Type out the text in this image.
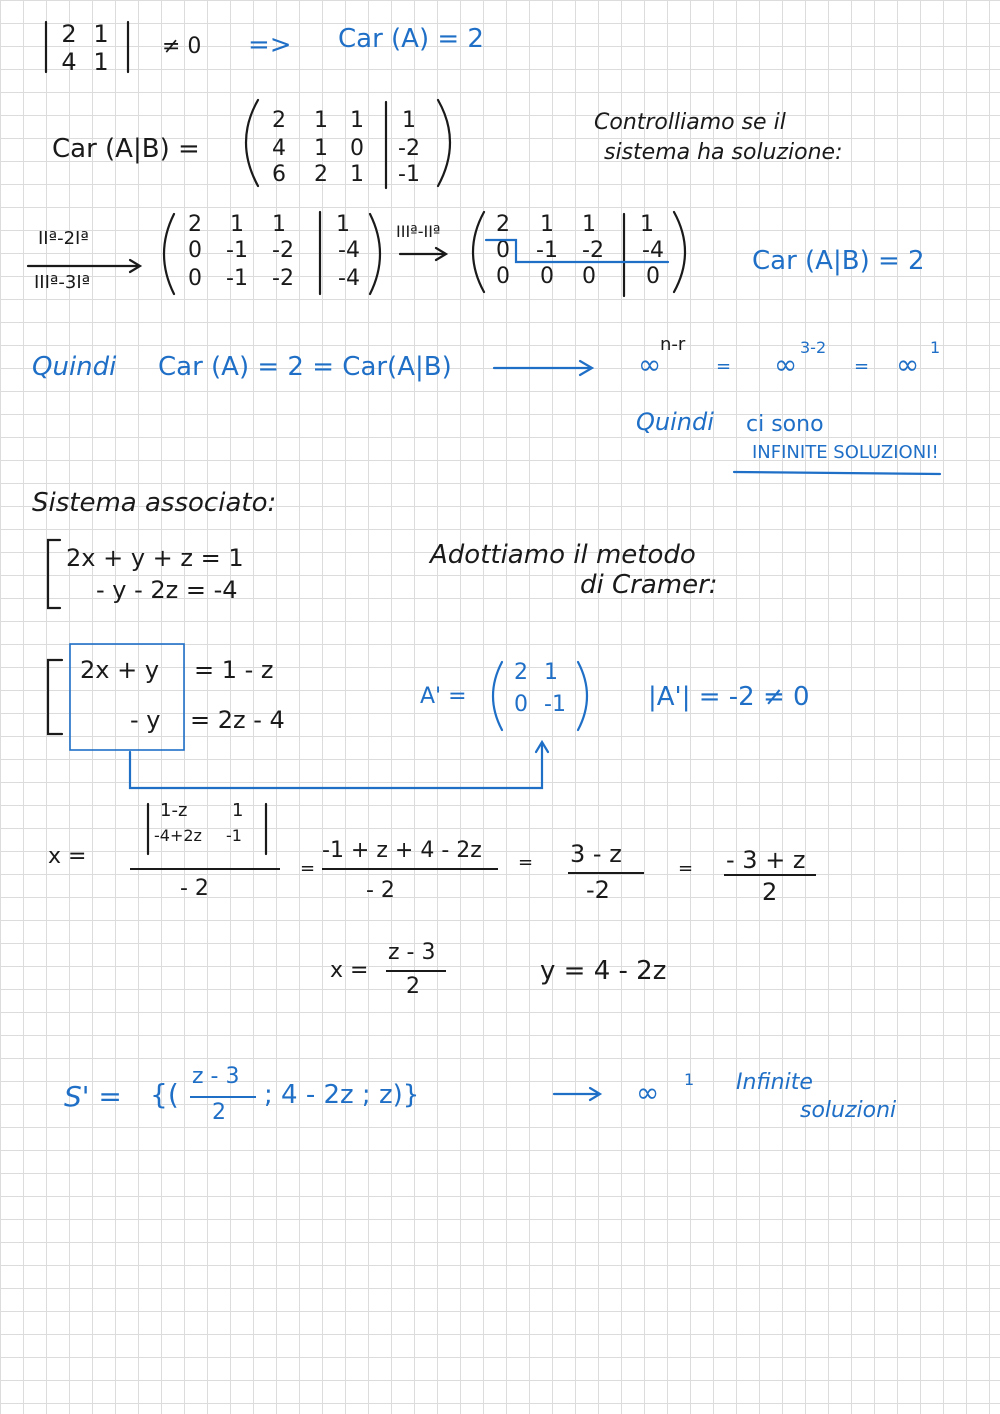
2 1
4 1
≠ 0 => Car (A) = 2
Car (A|B) =
2	1	1	1
4	1	0	-2
6	2	1	-1
Controlliamo se il
sistema ha soluzione:
IIª-2Iª
IIIª-3Iª
2	1	1	1
0	-1 -2 -4
0	-1 -2 -4
IIIª-IIª	2	1	1	1
0	-1 -2 -4
0	0	0	0
Car (A|B) = 2
Quindi Car (A) = 2 = Car(A|B)	∞
n-r
= ∞
3-2
= ∞
1
Quindi ci sono
INFINITE SOLUZIONI!
Sistema associato:
2x + y + z = 1
- y - 2z = -4
Adottiamo il metodo
di Cramer:
2x + y = 1 - z
- y = 2z - 4
A' =
2 1
0 -1	|A'| = -2 ≠ 0
x =
1-z 1
-4+2z -1
- 2
=
-1 + z + 4 - 2z
- 2
= 3 - z
-2
= - 3 + z
2
x =
z - 3
2
y = 4 - 2z
S' = {(
z - 3
2
; 4 - 2z ; z)}	∞ 1 Infinite
soluzioni
